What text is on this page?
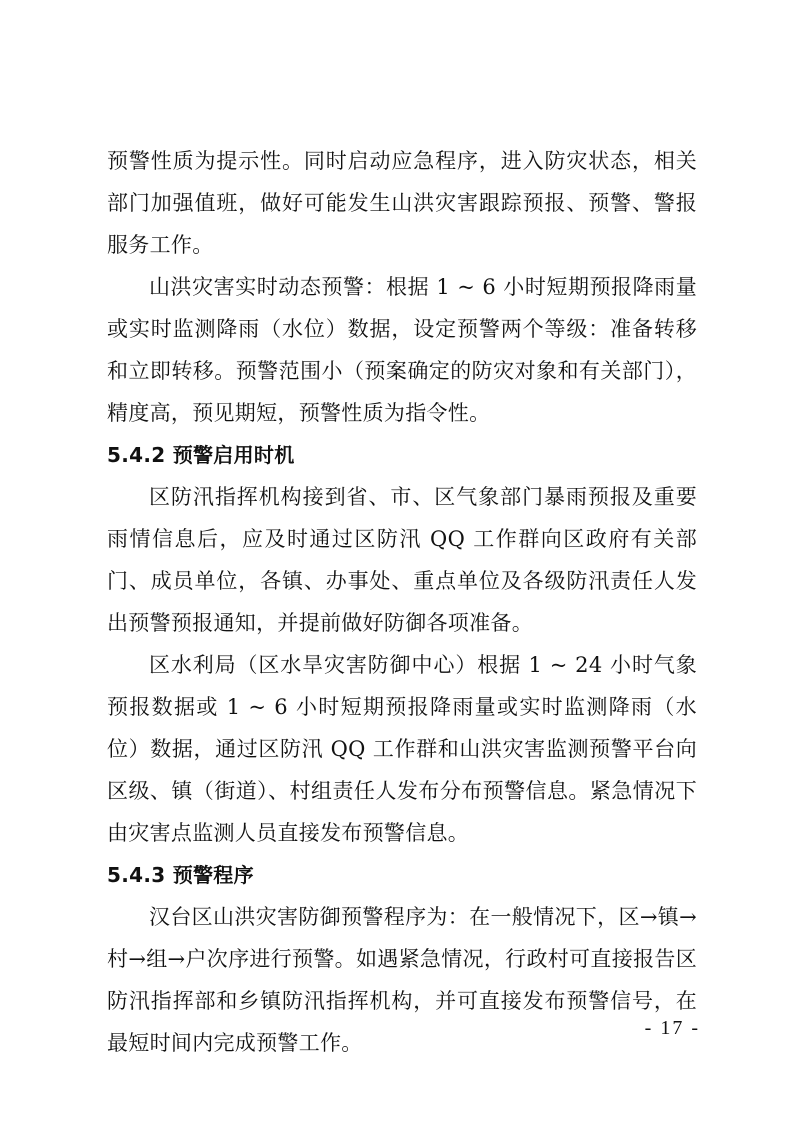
预警性质为提示性。同时启动应急程序，进入防灾状态，相关部门加强值班，做好可能发生山洪灾害跟踪预报、预警、警报服务工作。

山洪灾害实时动态预警：根据 1 ~ 6 小时短期预报降雨量或实时监测降雨（水位）数据，设定预警两个等级：准备转移和立即转移。预警范围小（预案确定的防灾对象和有关部门），精度高，预见期短，预警性质为指令性。

5.4.2 预警启用时机

区防汛指挥机构接到省、市、区气象部门暴雨预报及重要雨情信息后，应及时通过区防汛 QQ 工作群向区政府有关部门、成员单位，各镇、办事处、重点单位及各级防汛责任人发出预警预报通知，并提前做好防御各项准备。

区水利局（区水旱灾害防御中心）根据 1 ~ 24 小时气象预报数据或 1 ~ 6 小时短期预报降雨量或实时监测降雨（水位）数据，通过区防汛 QQ 工作群和山洪灾害监测预警平台向区级、镇（街道）、村组责任人发布分布预警信息。紧急情况下由灾害点监测人员直接发布预警信息。

5.4.3 预警程序

汉台区山洪灾害防御预警程序为：在一般情况下，区→镇→村→组→户次序进行预警。如遇紧急情况，行政村可直接报告区防汛指挥部和乡镇防汛指挥机构，并可直接发布预警信号，在最短时间内完成预警工作。

- 17 -
